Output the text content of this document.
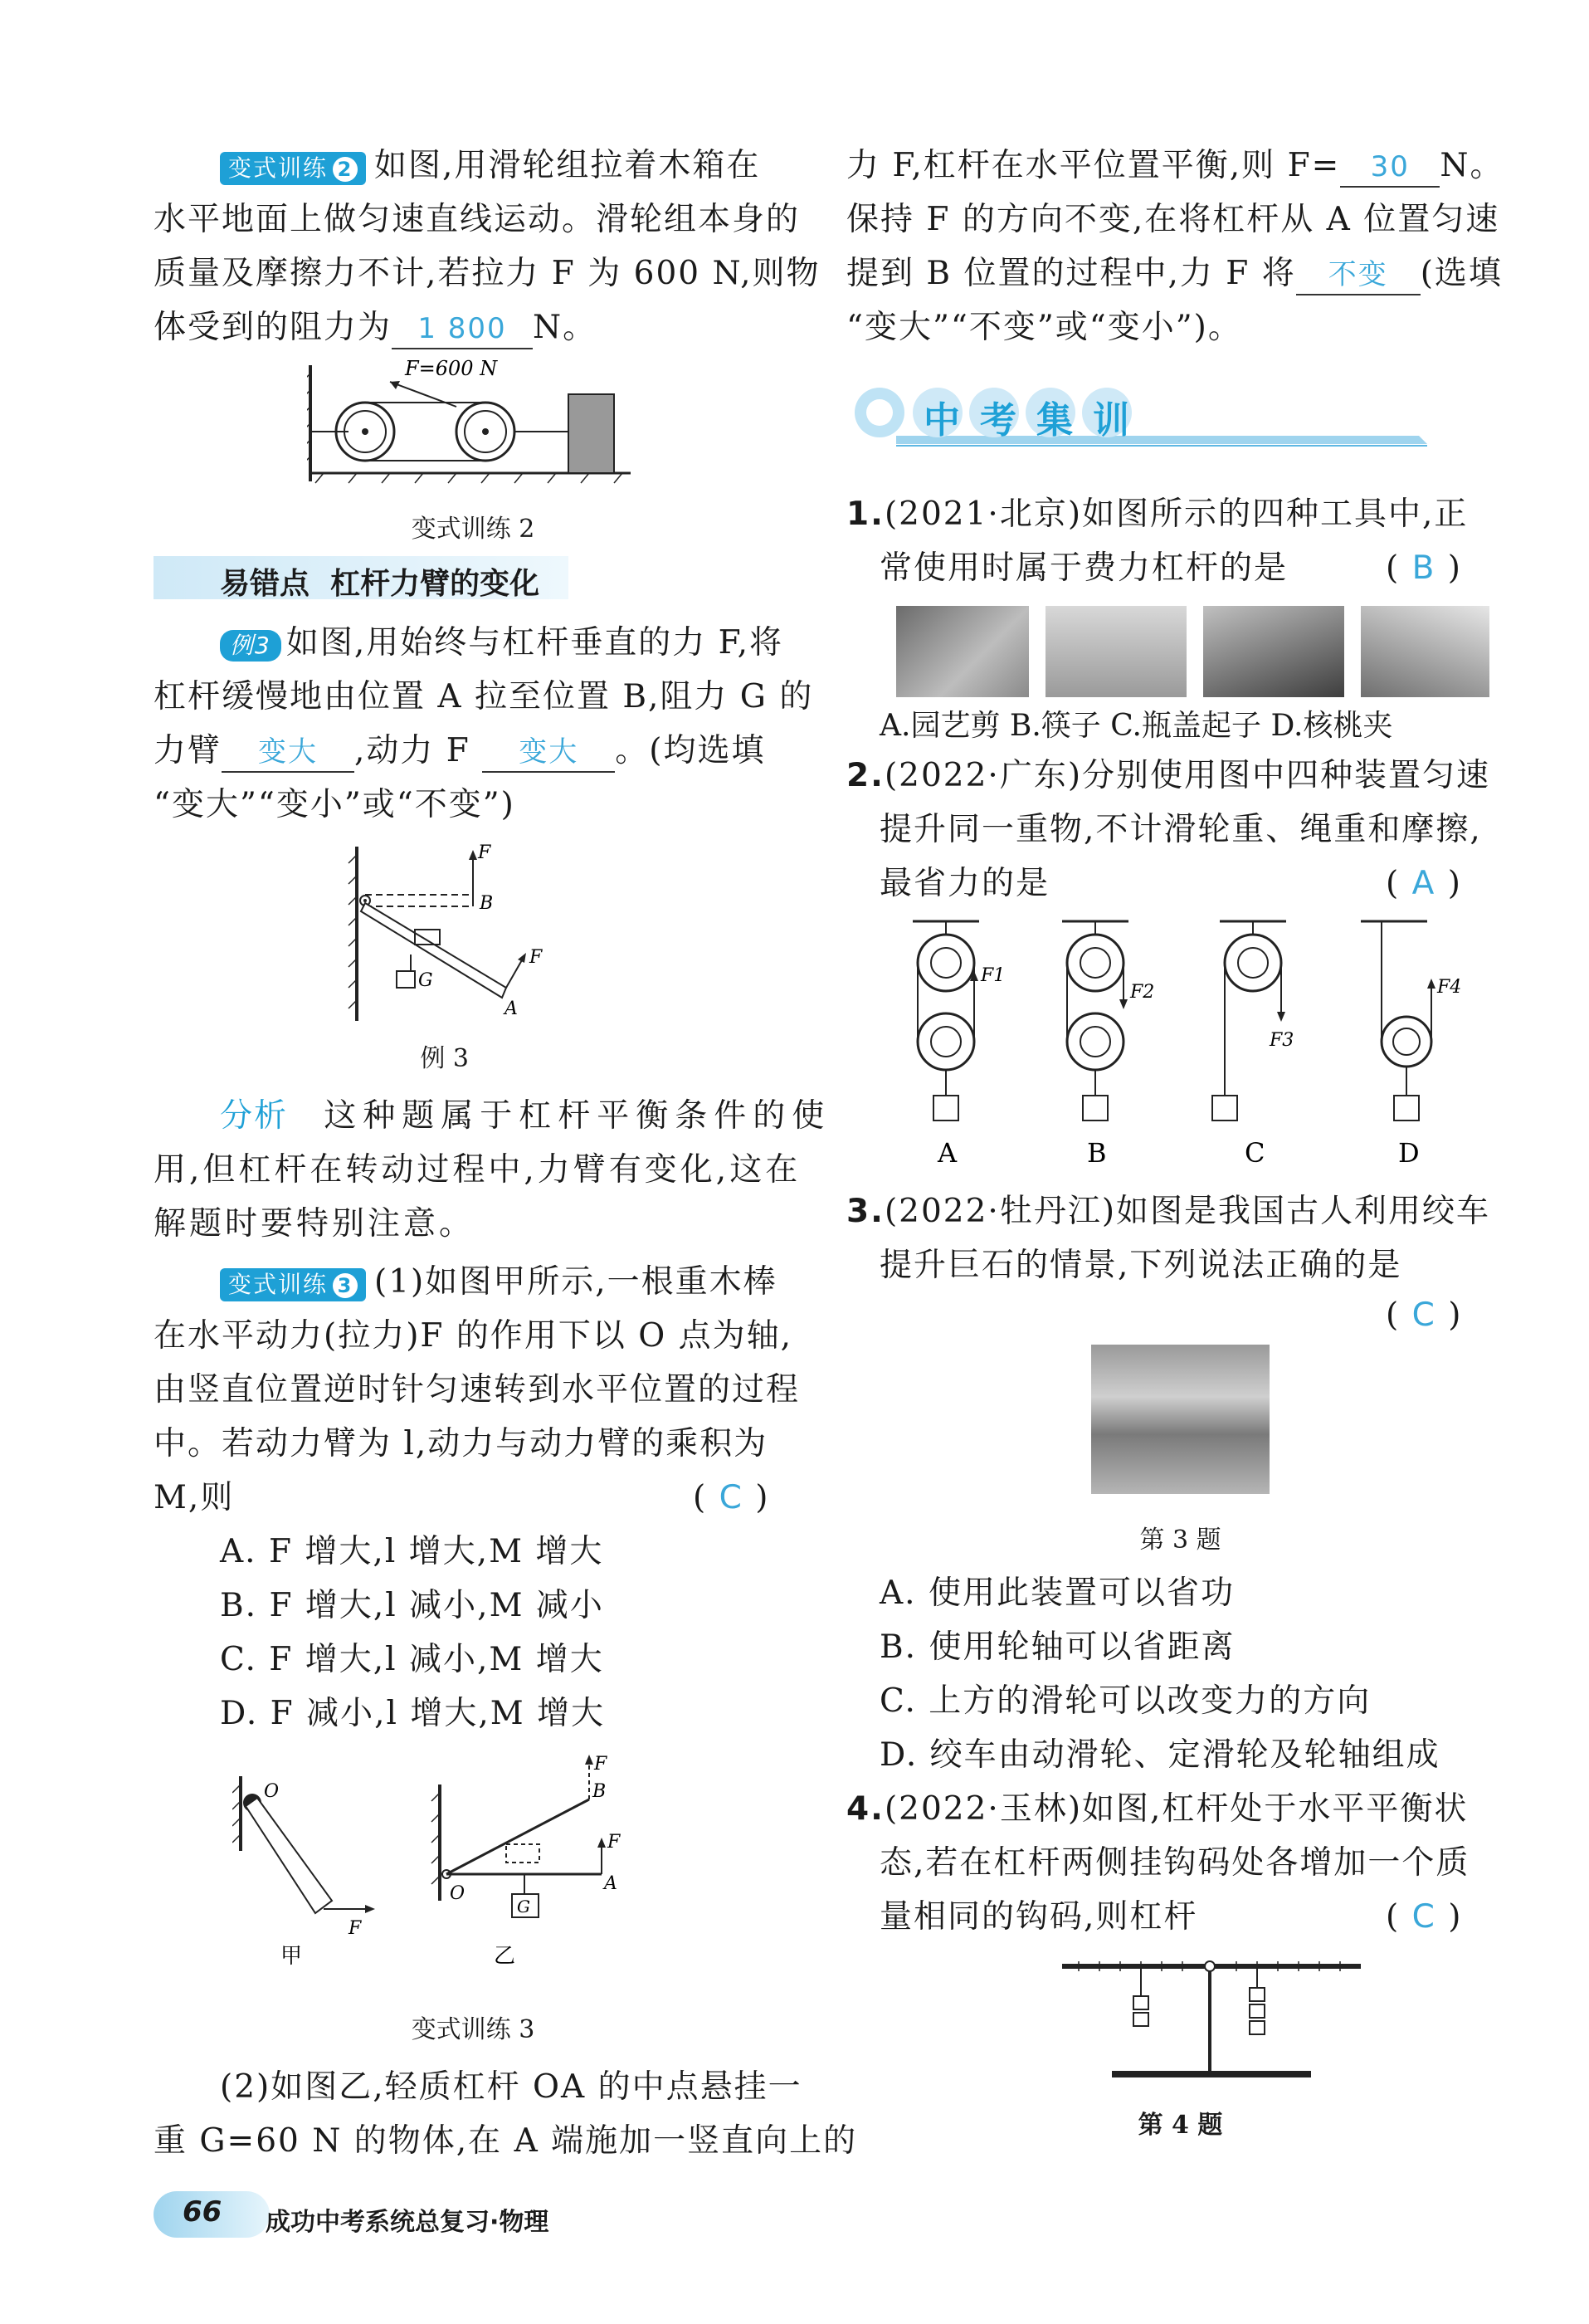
变式训练 2 如图,用滑轮组拉着木箱在
水平地面上做匀速直线运动。滑轮组本身的
质量及摩擦力不计,若拉力 F 为 600 N,则物
体受到的阻力为 1 800 N。
F=600 N
变式训练 2
易错点 杠杆力臂的变化
例3 如图,用始终与杠杆垂直的力 F,将
杠杆缓慢地由位置 A 拉至位置 B,阻力 G 的
力臂 变大 ,动力 F 变大 。(均选填
“变大”“变小”或“不变”)
F
B
F
A
G
例 3
分析 这种题属于杠杆平衡条件的使
用,但杠杆在转动过程中,力臂有变化,这在
解题时要特别注意。
变式训练 3 (1)如图甲所示,一根重木棒
在水平动力(拉力)F 的作用下以 O 点为轴,
由竖直位置逆时针匀速转到水平位置的过程
中。若动力臂为 l,动力与动力臂的乘积为
M,则	( C )
A. F 增大,l 增大,M 增大
B. F 增大,l 减小,M 减小
C. F 增大,l 减小,M 增大
D. F 减小,l 增大,M 增大
O
F
甲
F
B
F
A
O
G
乙
变式训练 3
(2)如图乙,轻质杠杆 OA 的中点悬挂一
重 G=60 N 的物体,在 A 端施加一竖直向上的
力 F,杠杆在水平位置平衡,则 F= 30 N。
保持 F 的方向不变,在将杠杆从 A 位置匀速
提到 B 位置的过程中,力 F 将 不变 (选填
“变大”“不变”或“变小”)。
中考集训
1.(2021·北京)如图所示的四种工具中,正
常使用时属于费力杠杆的是	( B )
A.园艺剪 B.筷子 C.瓶盖起子 D.核桃夹
2.(2022·广东)分别使用图中四种装置匀速
提升同一重物,不计滑轮重、绳重和摩擦,
最省力的是	( A )
F1
A
F2
B
F3
C
F4
D
3.(2022·牡丹江)如图是我国古人利用绞车
提升巨石的情景,下列说法正确的是
( C )
第 3 题
A. 使用此装置可以省功
B. 使用轮轴可以省距离
C. 上方的滑轮可以改变力的方向
D. 绞车由动滑轮、定滑轮及轮轴组成
4.(2022·玉林)如图,杠杆处于水平平衡状
态,若在杠杆两侧挂钩码处各增加一个质
量相同的钩码,则杠杆	( C )
第 4 题
66 成功中考系统总复习·物理
